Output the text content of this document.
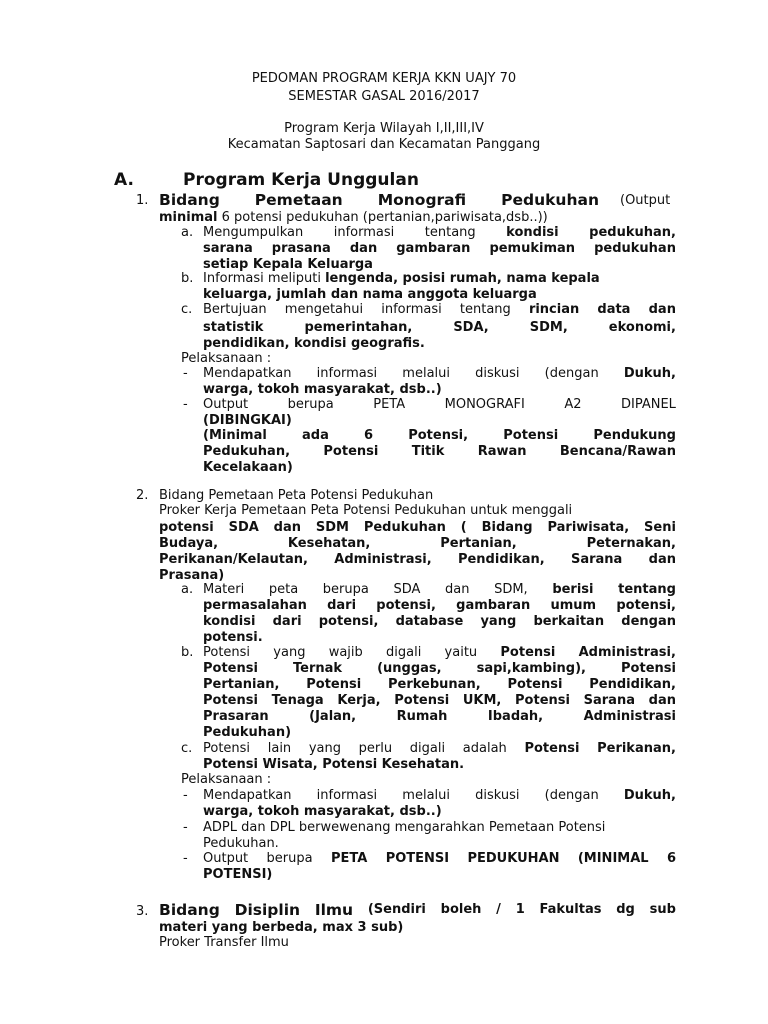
PEDOMAN PROGRAM KERJA KKN UAJY 70
SEMESTAR GASAL 2016/2017
Program Kerja Wilayah I,II,III,IV
Kecamatan Saptosari dan Kecamatan Panggang
A.	Program Kerja Unggulan
1. Bidang Pemetaan Monografi Pedukuhan (Output
minimal 6 potensi pedukuhan (pertanian,pariwisata,dsb..))
a. Mengumpulkan informasi tentang kondisi pedukuhan,
sarana prasana dan gambaran pemukiman pedukuhan
setiap Kepala Keluarga
b. Informasi meliputi lengenda, posisi rumah, nama kepala
keluarga, jumlah dan nama anggota keluarga
c. Bertujuan mengetahui informasi tentang rincian data dan
statistik	pemerintahan,	SDA,	SDM,	ekonomi,
pendidikan, kondisi geografis.
Pelaksanaan :
- Mendapatkan informasi melalui diskusi (dengan Dukuh,
warga, tokoh masyarakat, dsb..)
- Output	berupa	PETA	MONOGRAFI	A2	DIPANEL
(DIBINGKAI)
(Minimal	ada	6	Potensi,	Potensi	Pendukung
Pedukuhan,	Potensi	Titik	Rawan	Bencana/Rawan
Kecelakaan)
2. Bidang Pemetaan Peta Potensi Pedukuhan
Proker Kerja Pemetaan Peta Potensi Pedukuhan untuk menggali
potensi SDA dan SDM Pedukuhan ( Bidang Pariwisata, Seni
Budaya,	Kesehatan,	Pertanian,	Peternakan,
Perikanan/Kelautan, Administrasi, Pendidikan, Sarana dan
Prasana)
a. Materi peta berupa SDA dan SDM, berisi tentang
permasalahan dari potensi, gambaran umum potensi,
kondisi dari potensi, database yang berkaitan dengan
potensi.
b. Potensi yang wajib digali yaitu Potensi Administrasi,
Potensi	Ternak	(unggas,	sapi,kambing),	Potensi
Pertanian, Potensi Perkebunan, Potensi Pendidikan,
Potensi Tenaga Kerja, Potensi UKM, Potensi Sarana dan
Prasaran	(Jalan,	Rumah	Ibadah,	Administrasi
Pedukuhan)
c. Potensi lain yang perlu digali adalah Potensi Perikanan,
Potensi Wisata, Potensi Kesehatan.
Pelaksanaan :
- Mendapatkan informasi melalui diskusi (dengan Dukuh,
warga, tokoh masyarakat, dsb..)
- ADPL dan DPL berwewenang mengarahkan Pemetaan Potensi
Pedukuhan.
- Output berupa PETA POTENSI PEDUKUHAN (MINIMAL 6
POTENSI)
3. Bidang Disiplin Ilmu (Sendiri boleh / 1 Fakultas dg sub
materi yang berbeda, max 3 sub)
Proker Transfer Ilmu
